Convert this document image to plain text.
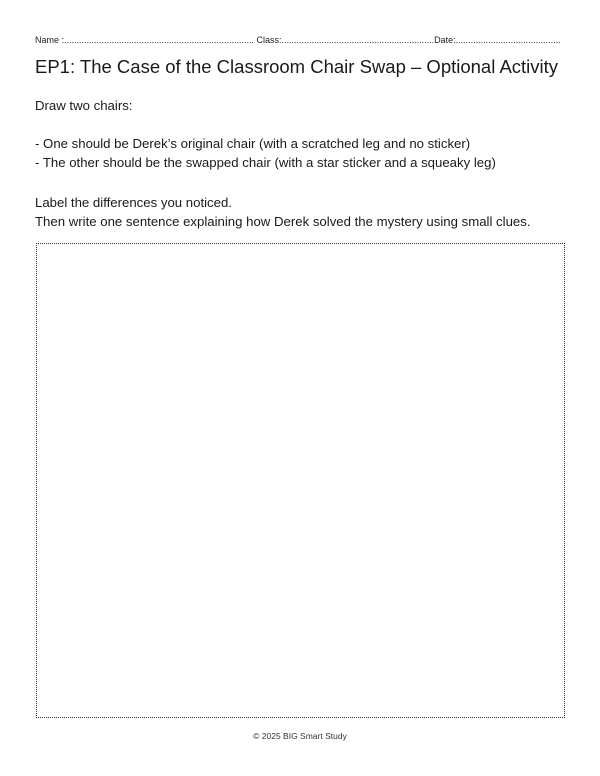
Name :............................................................................ Class:............................................................. Date:..........................................
EP1: The Case of the Classroom Chair Swap – Optional Activity
Draw two chairs:
- One should be Derek’s original chair (with a scratched leg and no sticker)
- The other should be the swapped chair (with a star sticker and a squeaky leg)
Label the differences you noticed.
Then write one sentence explaining how Derek solved the mystery using small clues.
© 2025 BIG Smart Study
